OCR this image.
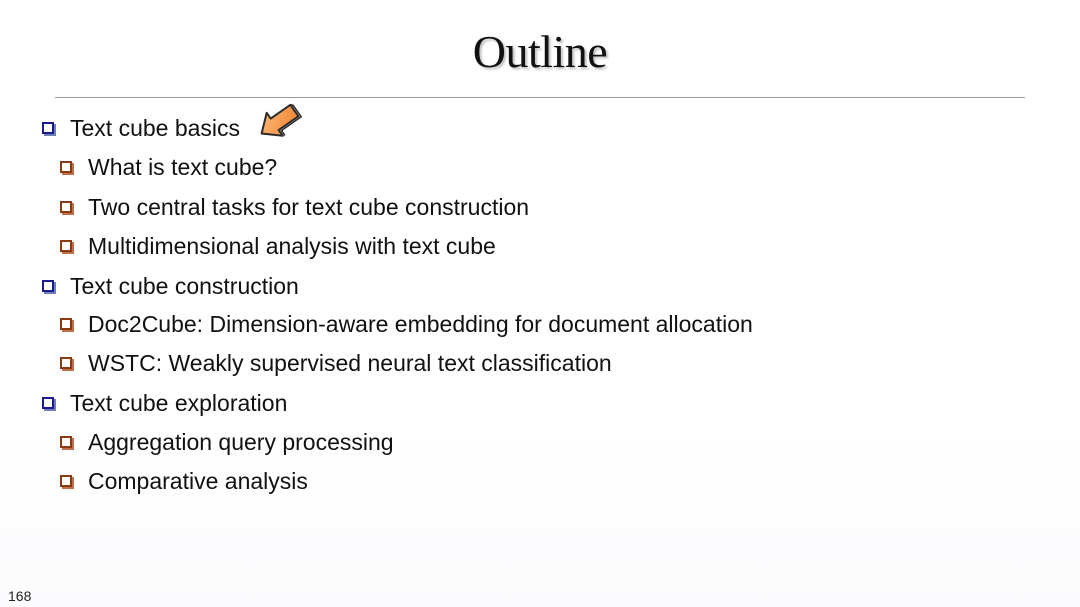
Outline
Text cube basics
What is text cube?
Two central tasks for text cube construction
Multidimensional analysis with text cube
Text cube construction
Doc2Cube: Dimension-aware embedding for document allocation
WSTC: Weakly supervised neural text classification
Text cube exploration
Aggregation query processing
Comparative analysis
168
